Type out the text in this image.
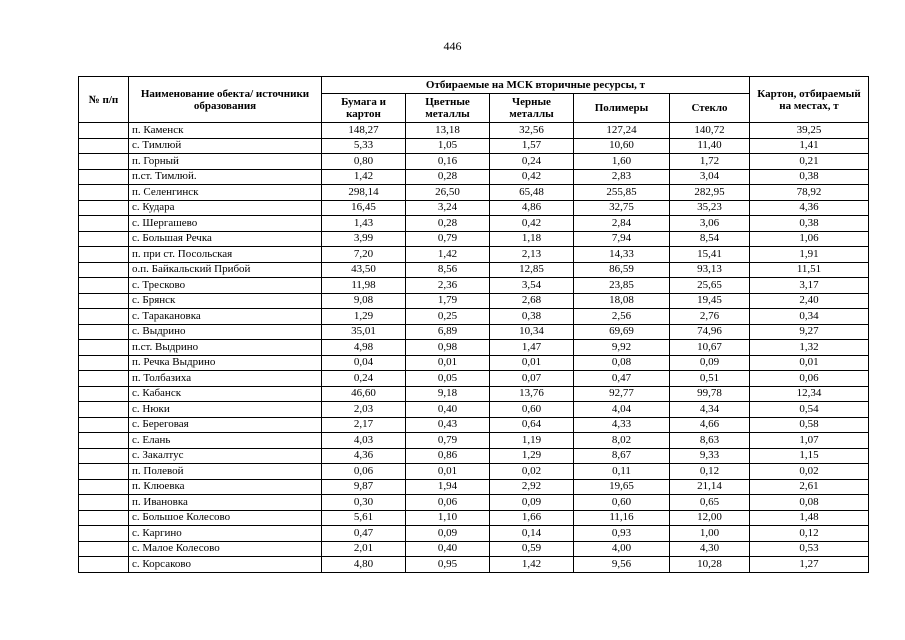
446
№ п/п	Наименование обекта/ источники образования	Отбираемые на МСК вторичные ресурсы, т					Картон, отбираемый на местах, т
		Бумага и картон	Цветные металлы	Черные металлы	Полимеры	Стекло	
	п. Каменск	148,27	13,18	32,56	127,24	140,72	39,25
	с. Тимлюй	5,33	1,05	1,57	10,60	11,40	1,41
	п. Горный	0,80	0,16	0,24	1,60	1,72	0,21
	п.ст. Тимлюй.	1,42	0,28	0,42	2,83	3,04	0,38
	п. Селенгинск	298,14	26,50	65,48	255,85	282,95	78,92
	с. Кудара	16,45	3,24	4,86	32,75	35,23	4,36
	с. Шергашево	1,43	0,28	0,42	2,84	3,06	0,38
	с. Большая Речка	3,99	0,79	1,18	7,94	8,54	1,06
	п. при ст. Посольская	7,20	1,42	2,13	14,33	15,41	1,91
	о.п. Байкальский Прибой	43,50	8,56	12,85	86,59	93,13	11,51
	с. Тресково	11,98	2,36	3,54	23,85	25,65	3,17
	с. Брянск	9,08	1,79	2,68	18,08	19,45	2,40
	с. Таракановка	1,29	0,25	0,38	2,56	2,76	0,34
	с. Выдрино	35,01	6,89	10,34	69,69	74,96	9,27
	п.ст. Выдрино	4,98	0,98	1,47	9,92	10,67	1,32
	п. Речка Выдрино	0,04	0,01	0,01	0,08	0,09	0,01
	п. Толбазиха	0,24	0,05	0,07	0,47	0,51	0,06
	с. Кабанск	46,60	9,18	13,76	92,77	99,78	12,34
	с. Нюки	2,03	0,40	0,60	4,04	4,34	0,54
	с. Береговая	2,17	0,43	0,64	4,33	4,66	0,58
	с. Елань	4,03	0,79	1,19	8,02	8,63	1,07
	с. Закалтус	4,36	0,86	1,29	8,67	9,33	1,15
	п. Полевой	0,06	0,01	0,02	0,11	0,12	0,02
	п. Клюевка	9,87	1,94	2,92	19,65	21,14	2,61
	п. Ивановка	0,30	0,06	0,09	0,60	0,65	0,08
	с. Большое Колесово	5,61	1,10	1,66	11,16	12,00	1,48
	с. Каргино	0,47	0,09	0,14	0,93	1,00	0,12
	с. Малое Колесово	2,01	0,40	0,59	4,00	4,30	0,53
	с. Корсаково	4,80	0,95	1,42	9,56	10,28	1,27
